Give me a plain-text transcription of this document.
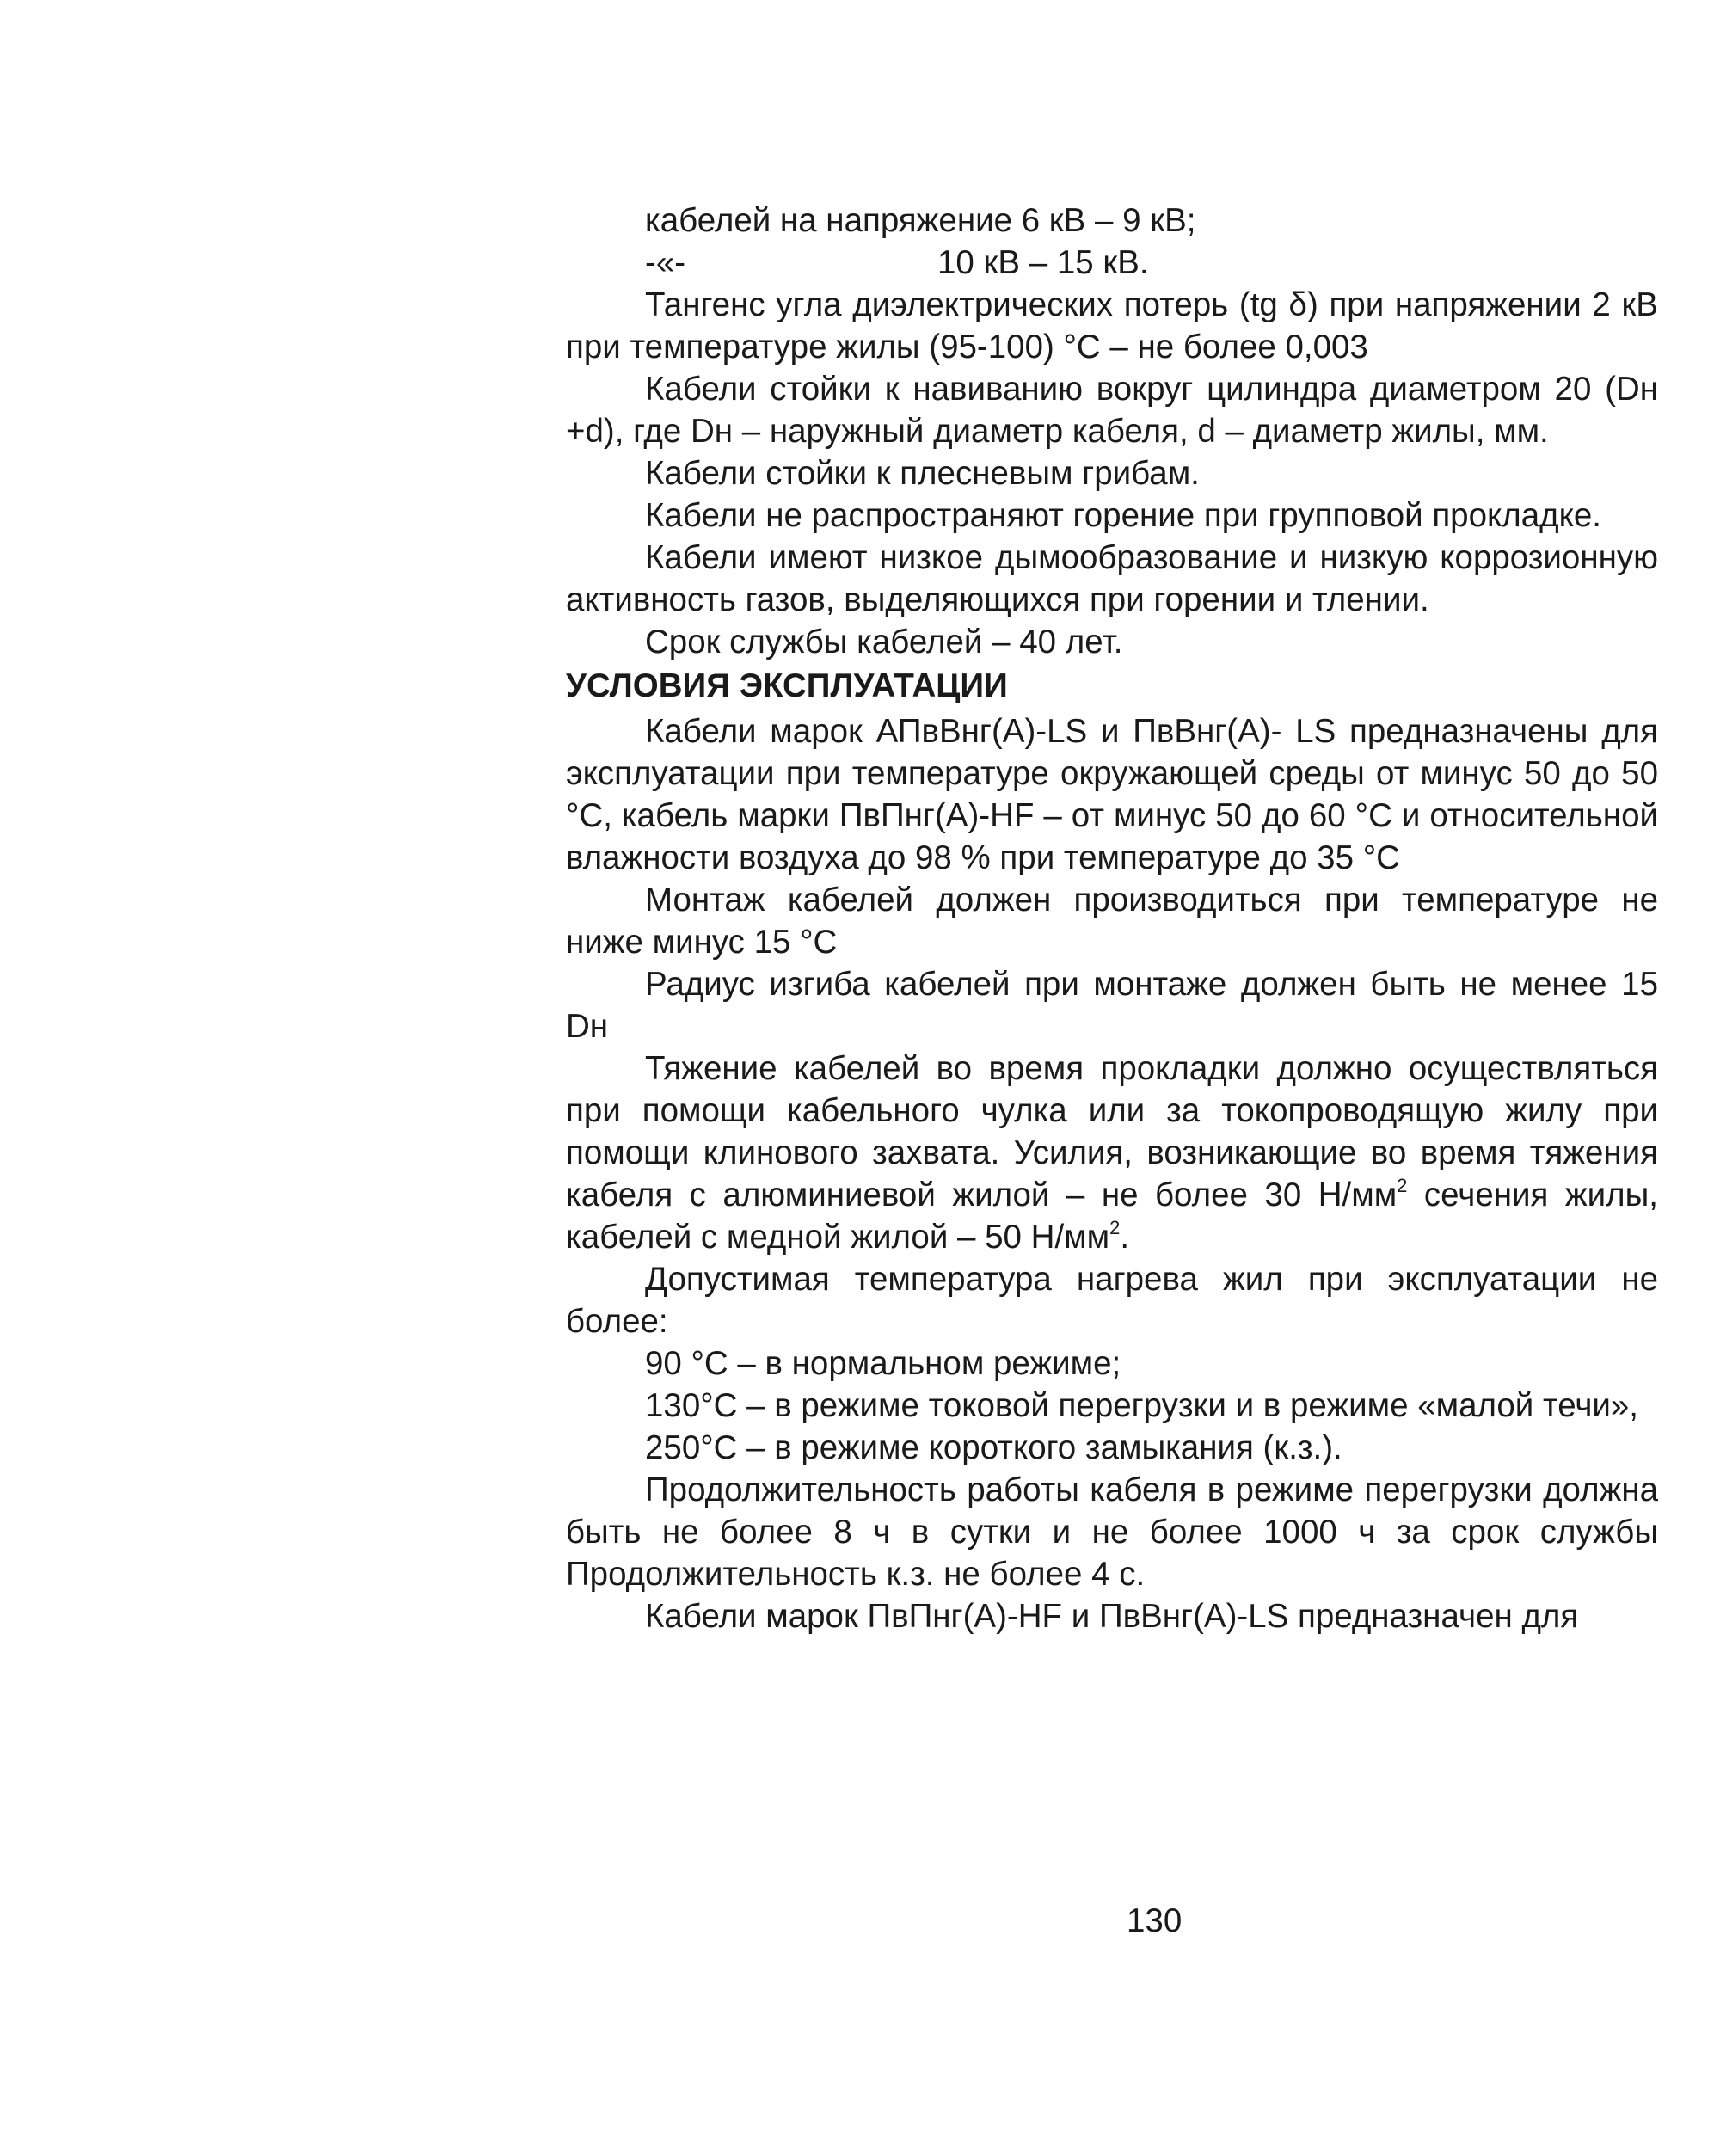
кабелей на напряжение 6 кВ – 9 кВ;

-«-	10 кВ – 15 кВ.

Тангенс угла диэлектрических потерь (tg δ) при напряжении 2 кВ при температуре жилы (95-100) °С – не более 0,003

Кабели стойки к навиванию вокруг цилиндра диаметром 20 (Dн +d), где Dн – наружный диаметр кабеля, d – диаметр жилы, мм.

Кабели стойки к плесневым грибам.

Кабели не распространяют горение при групповой прокладке.

Кабели имеют низкое дымообразование и низкую коррозионную активность газов, выделяющихся при горении и тлении.

Срок службы кабелей – 40 лет.

УСЛОВИЯ ЭКСПЛУАТАЦИИ

Кабели марок АПвВнг(А)-LS и ПвВнг(А)- LS предназначены для эксплуатации при температуре окружающей среды от минус 50 до 50 °С, кабель марки ПвПнг(А)-HF – от минус 50 до 60 °С и относительной влажности воздуха до 98 % при температуре до 35 °С

Монтаж кабелей должен производиться при температуре не ниже минус 15 °С

Радиус изгиба кабелей при монтаже должен быть не менее 15 Dн

Тяжение кабелей во время прокладки должно осуществляться при помощи кабельного чулка или за токопроводящую жилу при помощи клинового захвата. Усилия, возникающие во время тяжения кабеля с алюминиевой жилой – не более 30 $Н/мм^2$ сечения жилы, кабелей с медной жилой – 50 $Н/мм^2$.

Допустимая температура нагрева жил при эксплуатации не более:

90 °С – в нормальном режиме;

130°С – в режиме токовой перегрузки и в режиме «малой течи»,

250°С – в режиме короткого замыкания (к.з.).

Продолжительность работы кабеля в режиме перегрузки должна быть не более 8 ч в сутки и не более 1000 ч за срок службы Продолжительность к.з. не более 4 с.

Кабели марок ПвПнг(А)-HF и ПвВнг(А)-LS предназначен для

130
